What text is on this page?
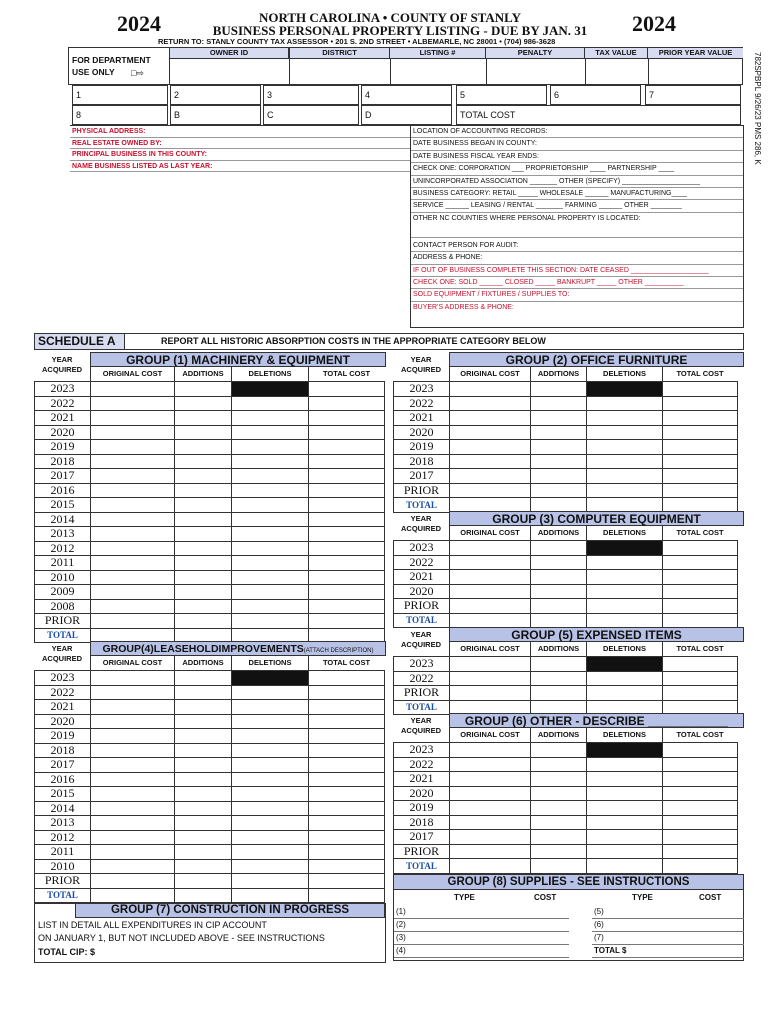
2024	2024
NORTH CAROLINA • COUNTY OF STANLY
BUSINESS PERSONAL PROPERTY LISTING - DUE BY JAN. 31
RETURN TO: STANLY COUNTY TAX ASSESSOR • 201 S. 2ND STREET • ALBEMARLE, NC 28001 • (704) 986-3628
782SPBPL 9/26/23 PMS 286, K
FOR DEPARTMENT
USE ONLY □⇨
OWNER ID	DISTRICT	LISTING #	PENALTY	TAX VALUE	PRIOR YEAR VALUE
1	2	3	4	5	6	7
8	B	C	D	TOTAL COST
PHYSICAL ADDRESS:
REAL ESTATE OWNED BY:
PRINCIPAL BUSINESS IN THIS COUNTY:
NAME BUSINESS LISTED AS LAST YEAR:
LOCATION OF ACCOUNTING RECORDS:
DATE BUSINESS BEGAN IN COUNTY:
DATE BUSINESS FISCAL YEAR ENDS:
CHECK ONE: CORPORATION ___ PROPRIETORSHIP ____ PARTNERSHIP ____
UNINCORPORATED ASSOCIATION _______ OTHER (SPECIFY) ____________________
BUSINESS CATEGORY: RETAIL _____ WHOLESALE ______ MANUFACTURING____
SERVICE ______ LEASING / RENTAL _______ FARMING ______ OTHER ________
OTHER NC COUNTIES WHERE PERSONAL PROPERTY IS LOCATED:
CONTACT PERSON FOR AUDIT:
ADDRESS & PHONE:
IF OUT OF BUSINESS COMPLETE THIS SECTION: DATE CEASED ____________________
CHECK ONE: SOLD ______ CLOSED _____ BANKRUPT _____ OTHER __________
SOLD EQUIPMENT / FIXTURES / SUPPLIES TO:
BUYER'S ADDRESS & PHONE:
SCHEDULE A	REPORT ALL HISTORIC ABSORPTION COSTS IN THE APPROPRIATE CATEGORY BELOW
YEAR
ACQUIRED
GROUP (1) MACHINERY & EQUIPMENT
ORIGINAL COST	ADDITIONS	DELETIONS	TOTAL COST
2023				
2022				
2021				
2020				
2019				
2018				
2017				
2016				
2015				
2014				
2013				
2012				
2011				
2010				
2009				
2008				
PRIOR				
TOTAL				
YEAR
ACQUIRED
GROUP (2) OFFICE FURNITURE
ORIGINAL COST	ADDITIONS	DELETIONS	TOTAL COST
2023				
2022				
2021				
2020				
2019				
2018				
2017				
PRIOR				
TOTAL				
YEAR
ACQUIRED
GROUP (3) COMPUTER EQUIPMENT
ORIGINAL COST	ADDITIONS	DELETIONS	TOTAL COST
2023				
2022				
2021				
2020				
PRIOR				
TOTAL				
YEAR
ACQUIRED
GROUP(4)LEASEHOLDIMPROVEMENTS(ATTACH DESCRIPTION)
ORIGINAL COST	ADDITIONS	DELETIONS	TOTAL COST
2023				
2022				
2021				
2020				
2019				
2018				
2017				
2016				
2015				
2014				
2013				
2012				
2011				
2010				
PRIOR				
TOTAL				
YEAR
ACQUIRED
GROUP (5) EXPENSED ITEMS
ORIGINAL COST	ADDITIONS	DELETIONS	TOTAL COST
2023				
2022				
PRIOR				
TOTAL				
YEAR
ACQUIRED
GROUP (6) OTHER - DESCRIBE ____________
ORIGINAL COST	ADDITIONS	DELETIONS	TOTAL COST
2023				
2022				
2021				
2020				
2019				
2018				
2017				
PRIOR				
TOTAL				
GROUP (7) CONSTRUCTION IN PROGRESS
LIST IN DETAIL ALL EXPENDITURES IN CIP ACCOUNT
ON JANUARY 1, BUT NOT INCLUDED ABOVE - SEE INSTRUCTIONS
TOTAL CIP: $
GROUP (8) SUPPLIES - SEE INSTRUCTIONS
TYPE	COST	TYPE	COST
(1)	(5)
(2)	(6)
(3)	(7)
(4)	TOTAL $
